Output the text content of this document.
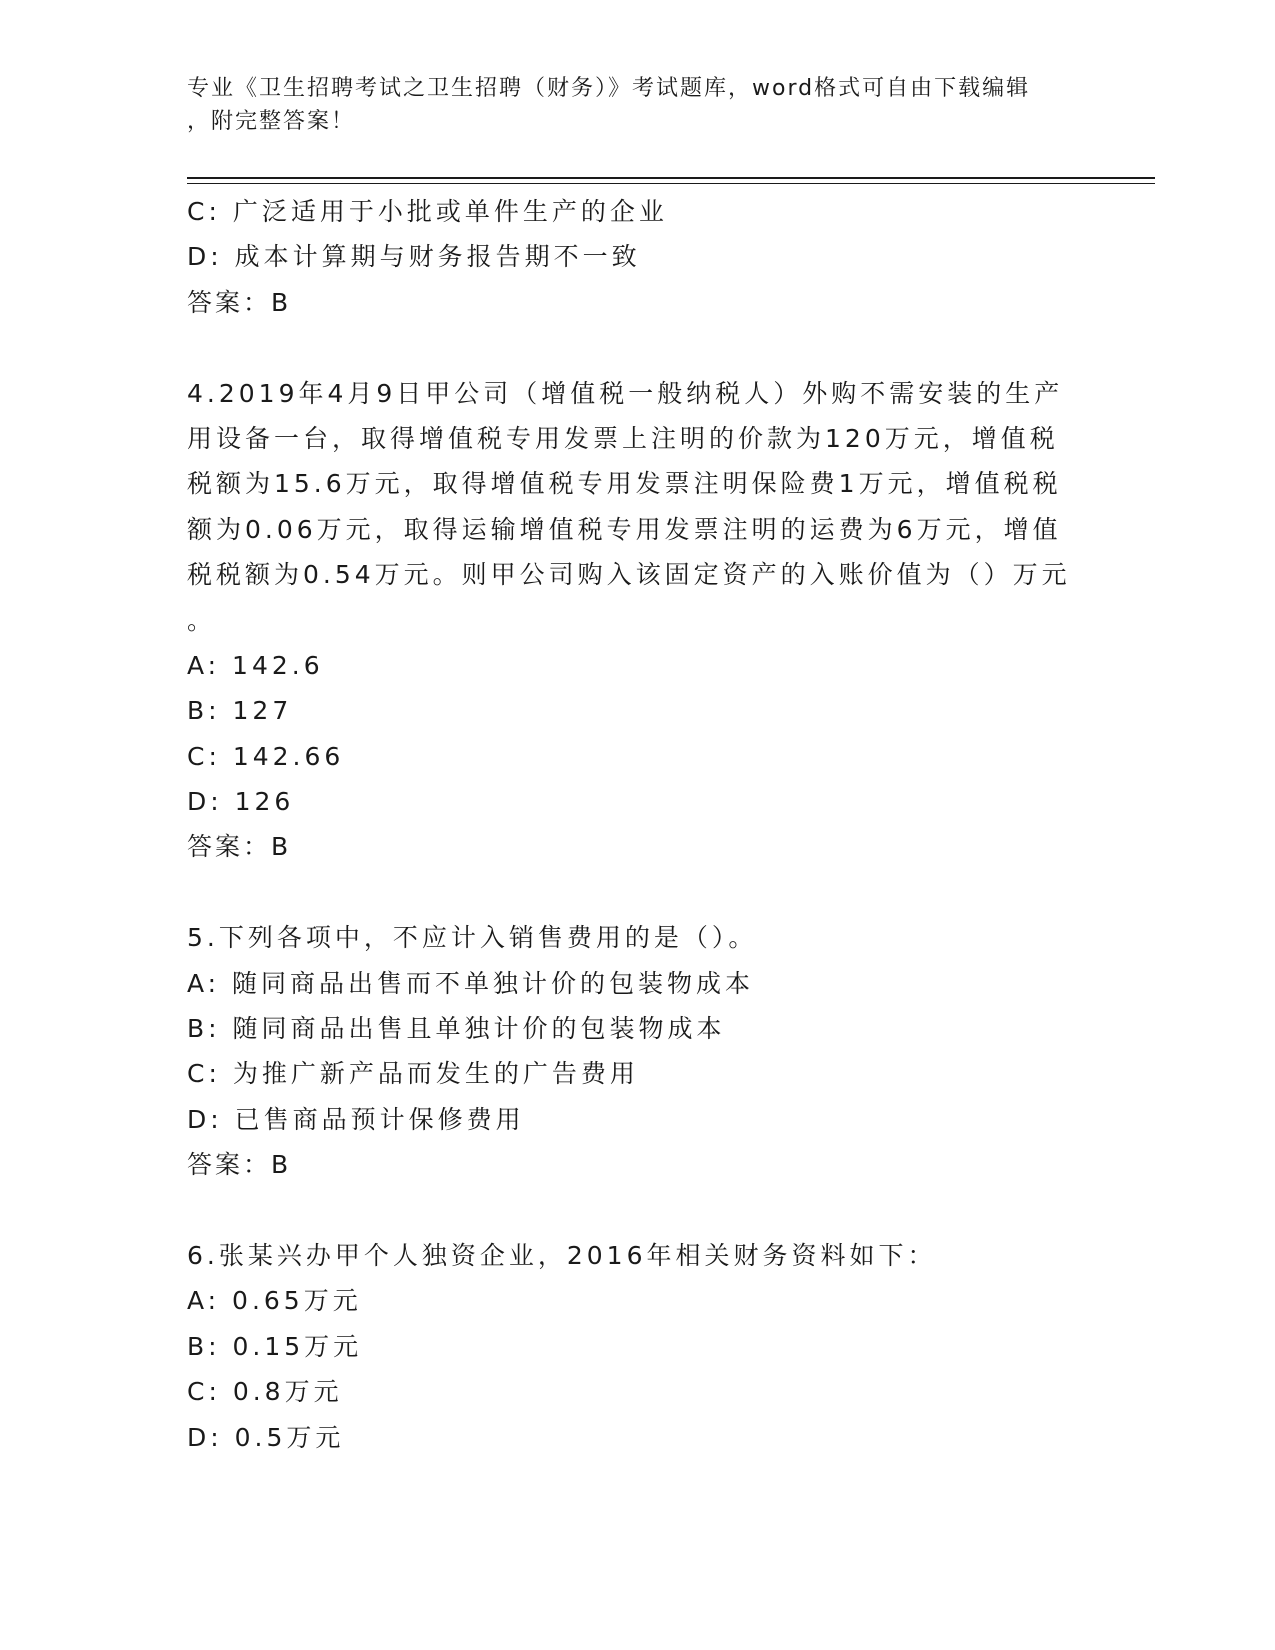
专业《卫生招聘考试之卫生招聘（财务）》考试题库，word格式可自由下载编辑
，附完整答案！
C: 广泛适用于小批或单件生产的企业
D: 成本计算期与财务报告期不一致
答案：B
4.2019年4月9日甲公司（增值税一般纳税人）外购不需安装的生产
用设备一台，取得增值税专用发票上注明的价款为120万元，增值税
税额为15.6万元，取得增值税专用发票注明保险费1万元，增值税税
额为0.06万元，取得运输增值税专用发票注明的运费为6万元，增值
税税额为0.54万元。则甲公司购入该固定资产的入账价值为（）万元
。
A: 142.6
B: 127
C: 142.66
D: 126
答案：B
5.下列各项中，不应计入销售费用的是（）。
A: 随同商品出售而不单独计价的包装物成本
B: 随同商品出售且单独计价的包装物成本
C: 为推广新产品而发生的广告费用
D: 已售商品预计保修费用
答案：B
6.张某兴办甲个人独资企业，2016年相关财务资料如下：
A: 0.65万元
B: 0.15万元
C: 0.8万元
D: 0.5万元
